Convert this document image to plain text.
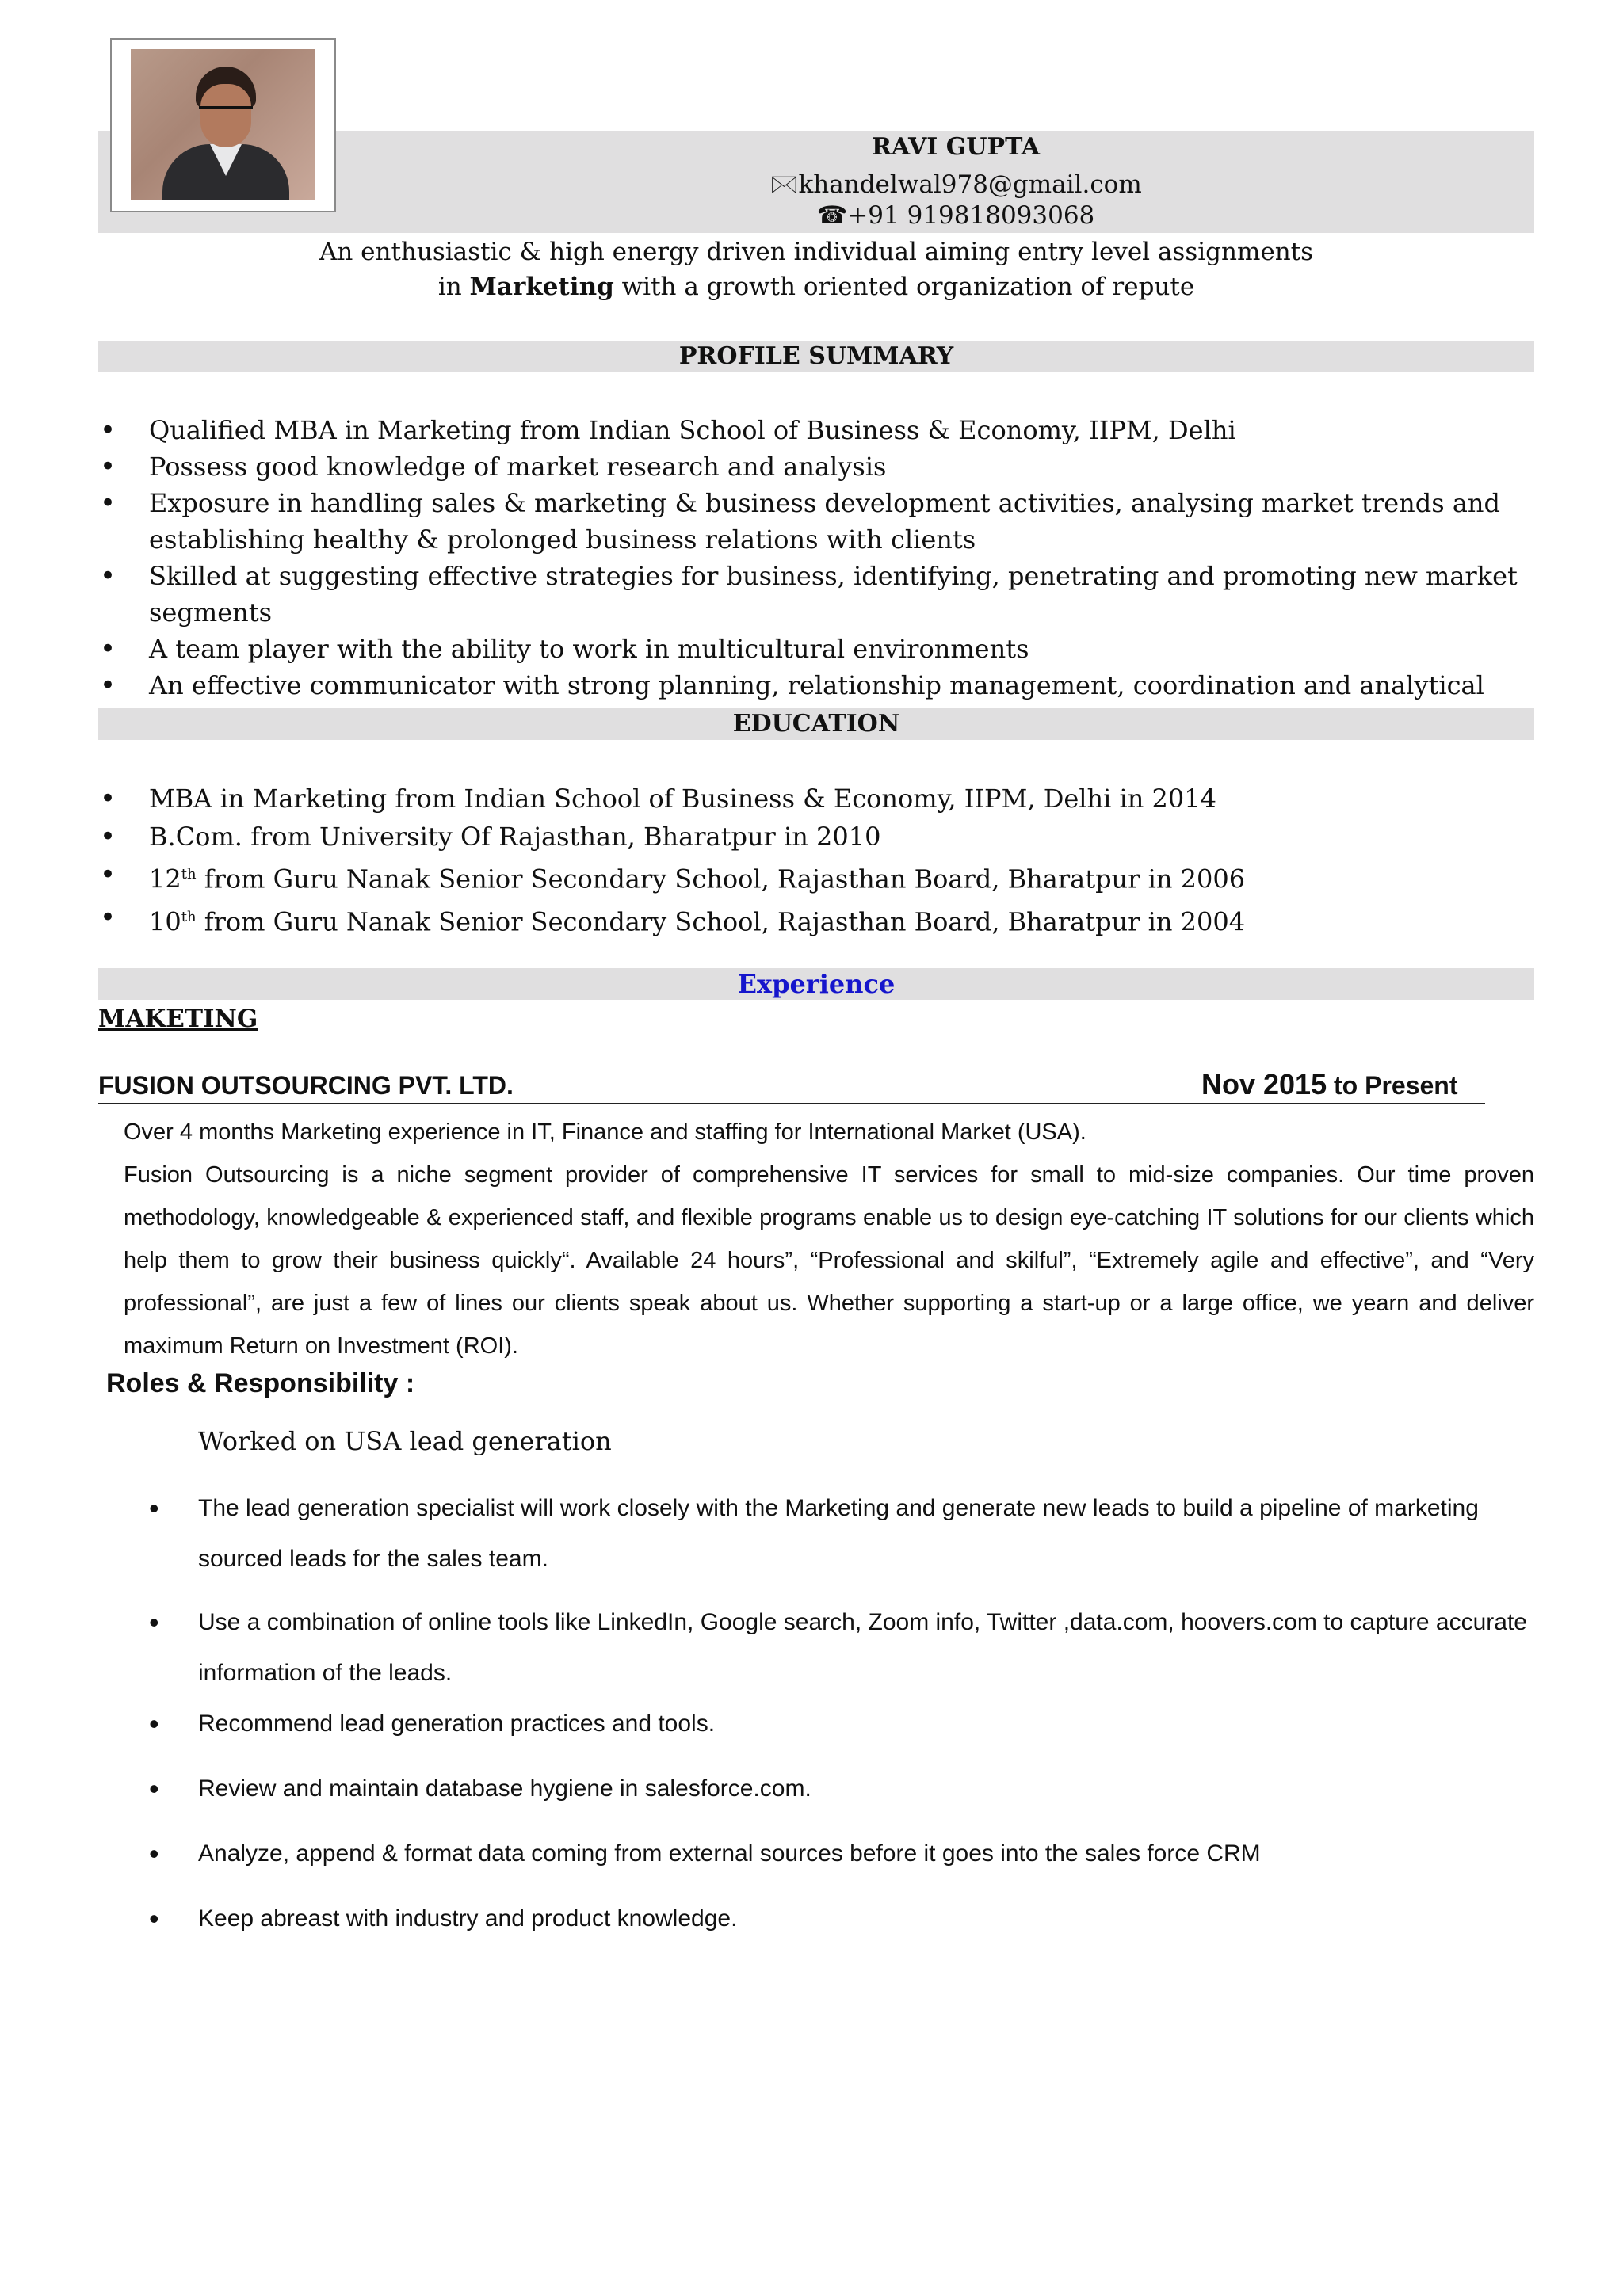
RAVI GUPTA
🖂khandelwal978@gmail.com
☎+91 919818093068
An enthusiastic & high energy driven individual aiming entry level assignments
in Marketing with a growth oriented organization of repute
PROFILE SUMMARY
• Qualified MBA in Marketing from Indian School of Business & Economy, IIPM, Delhi
• Possess good knowledge of market research and analysis
• Exposure in handling sales & marketing & business development activities, analysing market trends and establishing healthy & prolonged business relations with clients
• Skilled at suggesting effective strategies for business, identifying, penetrating and promoting new market segments
• A team player with the ability to work in multicultural environments
• An effective communicator with strong planning, relationship management, coordination and analytical
EDUCATION
• MBA in Marketing from Indian School of Business & Economy, IIPM, Delhi in 2014
• B.Com. from University Of Rajasthan, Bharatpur in 2010
• 12th from Guru Nanak Senior Secondary School, Rajasthan Board, Bharatpur in 2006
• 10th from Guru Nanak Senior Secondary School, Rajasthan Board, Bharatpur in 2004
Experience
MAKETING
FUSION OUTSOURCING PVT. LTD.	Nov 2015 to Present
Over 4 months Marketing experience in IT, Finance and staffing for International Market (USA).
Fusion Outsourcing is a niche segment provider of comprehensive IT services for small to mid-size companies. Our time proven methodology, knowledgeable & experienced staff, and flexible programs enable us to design eye-catching IT solutions for our clients which help them to grow their business quickly“. Available 24 hours”, “Professional and skilful”, “Extremely agile and effective”, and “Very professional”, are just a few of lines our clients speak about us. Whether supporting a start-up or a large office, we yearn and deliver maximum Return on Investment (ROI).
Roles & Responsibility :
Worked on USA lead generation
• The lead generation specialist will work closely with the Marketing and generate new leads to build a pipeline of marketing sourced leads for the sales team.
• Use a combination of online tools like LinkedIn, Google search, Zoom info, Twitter ,data.com, hoovers.com to capture accurate information of the leads.
• Recommend lead generation practices and tools.
• Review and maintain database hygiene in salesforce.com.
• Analyze, append & format data coming from external sources before it goes into the sales force CRM
• Keep abreast with industry and product knowledge.
